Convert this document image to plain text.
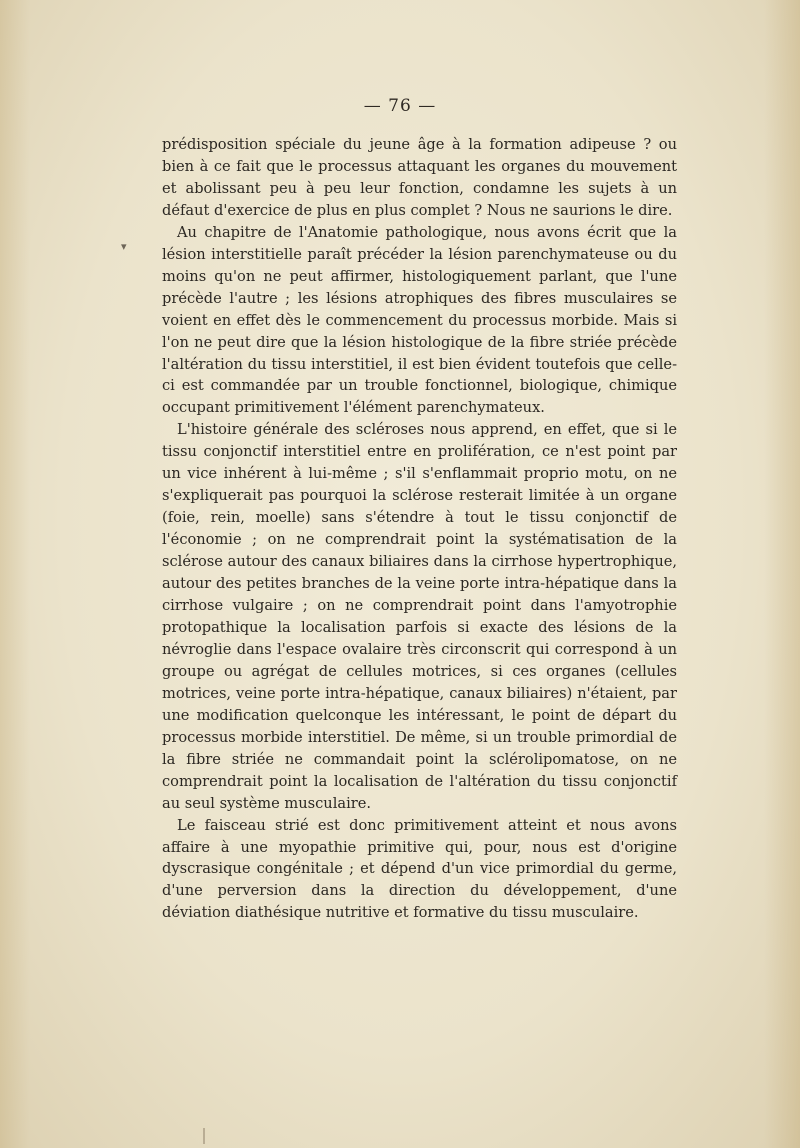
— 76 —

prédisposition spéciale du jeune âge à la formation adipeuse ? ou bien à ce fait que le processus attaquant les organes du mouvement et abolissant peu à peu leur fonction, condamne les sujets à un défaut d'exercice de plus en plus complet ? Nous ne saurions le dire.

Au chapitre de l'Anatomie pathologique, nous avons écrit que la lésion interstitielle paraît précéder la lésion parenchymateuse ou du moins qu'on ne peut affirmer, histologiquement parlant, que l'une précède l'autre ; les lésions atrophiques des fibres musculaires se voient en effet dès le commencement du processus morbide. Mais si l'on ne peut dire que la lésion histologique de la fibre striée précède l'altération du tissu interstitiel, il est bien évident toutefois que celle-ci est commandée par un trouble fonctionnel, biologique, chimique occupant primitivement l'élément parenchymateux.

L'histoire générale des scléroses nous apprend, en effet, que si le tissu conjonctif interstitiel entre en prolifération, ce n'est point par un vice inhérent à lui-même ; s'il s'enflammait proprio motu, on ne s'expliquerait pas pourquoi la sclérose resterait limitée à un organe (foie, rein, moelle) sans s'étendre à tout le tissu conjonctif de l'économie ; on ne comprendrait point la systématisation de la sclérose autour des canaux biliaires dans la cirrhose hypertrophique, autour des petites branches de la veine porte intra-hépatique dans la cirrhose vulgaire ; on ne comprendrait point dans l'amyotrophie protopathique la localisation parfois si exacte des lésions de la névroglie dans l'espace ovalaire très circonscrit qui correspond à un groupe ou agrégat de cellules motrices, si ces organes (cellules motrices, veine porte intra-hépatique, canaux biliaires) n'étaient, par une modification quelconque les intéressant, le point de départ du processus morbide interstitiel. De même, si un trouble primordial de la fibre striée ne commandait point la sclérolipomatose, on ne comprendrait point la localisation de l'altération du tissu conjonctif au seul système musculaire.

Le faisceau strié est donc primitivement atteint et nous avons affaire à une myopathie primitive qui, pour, nous est d'origine dyscrasique congénitale ; et dépend d'un vice primordial du germe, d'une perversion dans la direction du développement, d'une déviation diathésique nutritive et formative du tissu musculaire.

▾
